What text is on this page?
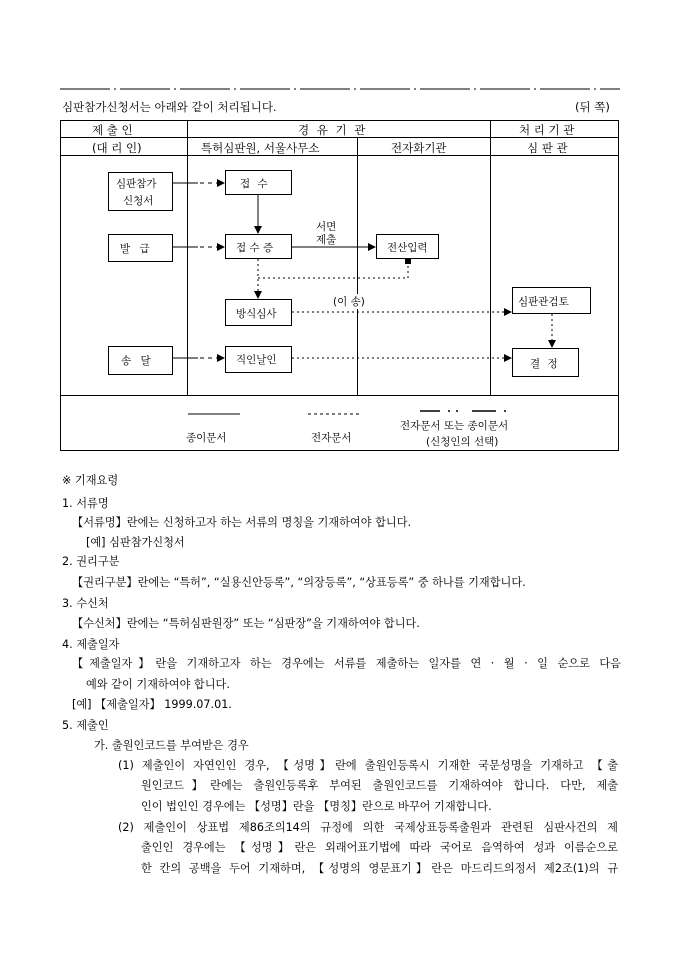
심판참가신청서는 아래와 같이 처리됩니다.	(뒤 쪽)
제 출 인
(대 리 인)
경 유 기 관
특허심판원, 서울사무소	전자화기관
처 리 기 관
심 판 관
심판참가
신청서
접 수
발 급	접 수 증	전산입력
방식심사
심판관검토
송 달	직인날인	결 정
서면
제출
(이 송)
종이문서	전자문서
전자문서 또는 종이문서
(신청인의 선택)
※ 기재요령
1. 서류명
【서류명】란에는 신청하고자 하는 서류의 명칭을 기재하여야 합니다.
[예] 심판참가신청서
2. 권리구분
【권리구분】란에는 “특허”, “실용신안등록”, “의장등록”, “상표등록” 중 하나를 기재합니다.
3. 수신처
【수신처】란에는 “특허심판원장” 또는 “심판장”을 기재하여야 합니다.
4. 제출일자
【제출일자】란을 기재하고자 하는 경우에는 서류를 제출하는 일자를 연 · 월 · 일 순으로 다음
예와 같이 기재하여야 합니다.
[예] 【제출일자】 1999.07.01.
5. 제출인
가. 출원인코드를 부여받은 경우
(1) 제출인이 자연인인 경우, 【성명】란에 출원인등록시 기재한 국문성명을 기재하고 【출
원인코드】란에는 출원인등록후 부여된 출원인코드를 기재하여야 합니다. 다만, 제출
인이 법인인 경우에는 【성명】란을 【명칭】란으로 바꾸어 기재합니다.
(2) 제출인이 상표법 제86조의14의 규정에 의한 국제상표등록출원과 관련된 심판사건의 제
출인인 경우에는 【성명】란은 외래어표기법에 따라 국어로 음역하여 성과 이름순으로
한 칸의 공백을 두어 기재하며, 【성명의 영문표기】란은 마드리드의정서 제2조(1)의 규
